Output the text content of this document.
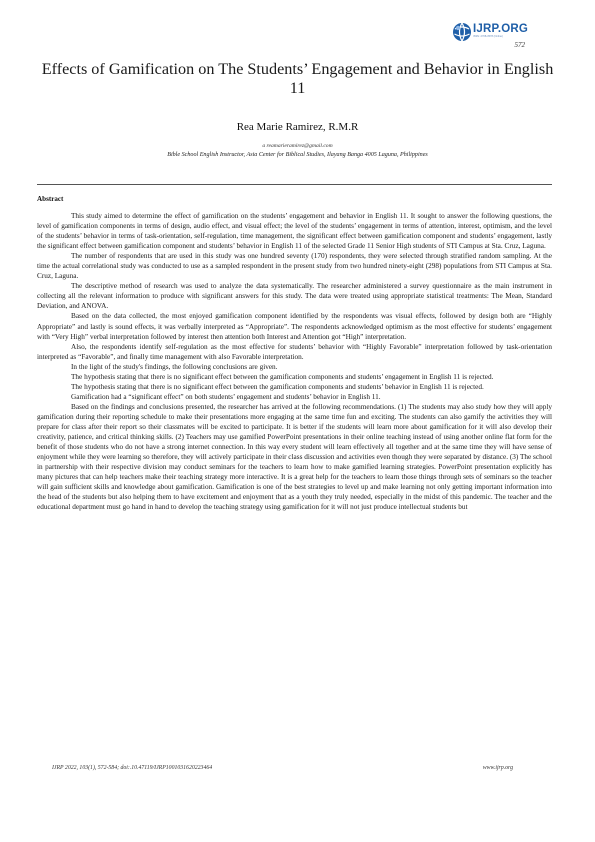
IJRP.ORG
ISSN: 2708-3578 (Online)
572
Effects of Gamification on The Students’ Engagement and Behavior in English 11
Rea Marie Ramirez, R.M.R
a reamarieramirez@gmail.com
Bible School English Instructor, Asia Center for Biblical Studies, Ilayang Banga 4005 Laguna, Philippines
Abstract

This study aimed to determine the effect of gamification on the students’ engagement and behavior in English 11. It sought to answer the following questions, the level of gamification components in terms of design, audio effect, and visual effect; the level of the students’ engagement in terms of attention, interest, optimism, and the level of the students’ behavior in terms of task-orientation, self-regulation, time management, the significant effect between gamification component and students’ engagement, lastly the significant effect between gamification component and students’ behavior in English 11 of the selected Grade 11 Senior High students of STI Campus at Sta. Cruz, Laguna.

The number of respondents that are used in this study was one hundred seventy (170) respondents, they were selected through stratified random sampling. At the time the actual correlational study was conducted to use as a sampled respondent in the present study from two hundred ninety-eight (298) populations from STI Campus at Sta. Cruz, Laguna.

The descriptive method of research was used to analyze the data systematically. The researcher administered a survey questionnaire as the main instrument in collecting all the relevant information to produce with significant answers for this study. The data were treated using appropriate statistical treatments: The Mean, Standard Deviation, and ANOVA.

Based on the data collected, the most enjoyed gamification component identified by the respondents was visual effects, followed by design both are “Highly Appropriate” and lastly is sound effects, it was verbally interpreted as “Appropriate”. The respondents acknowledged optimism as the most effective for students’ engagement with “Very High” verbal interpretation followed by interest then attention both Interest and Attention got “High” interpretation.

Also, the respondents identify self-regulation as the most effective for students’ behavior with “Highly Favorable” interpretation followed by task-orientation interpreted as “Favorable”, and finally time management with also Favorable interpretation.

In the light of the study's findings, the following conclusions are given.

The hypothesis stating that there is no significant effect between the gamification components and students’ engagement in English 11 is rejected.

The hypothesis stating that there is no significant effect between the gamification components and students’ behavior in English 11 is rejected.

Gamification had a “significant effect” on both students’ engagement and students’ behavior in English 11.

Based on the findings and conclusions presented, the researcher has arrived at the following recommendations. (1) The students may also study how they will apply gamification during their reporting schedule to make their presentations more engaging at the same time fun and exciting. The students can also gamify the activities they will prepare for class after their report so their classmates will be excited to participate. It is better if the students will learn more about gamification for it will also develop their creativity, patience, and critical thinking skills. (2) Teachers may use gamified PowerPoint presentations in their online teaching instead of using another online flat form for the benefit of those students who do not have a strong internet connection. In this way every student will learn effectively all together and at the same time they will have sense of enjoyment while they were learning so therefore, they will actively participate in their class discussion and activities even though they were separated by distance. (3) The school in partnership with their respective division may conduct seminars for the teachers to learn how to make gamified learning strategies. PowerPoint presentation explicitly has many pictures that can help teachers make their teaching strategy more interactive. It is a great help for the teachers to learn those things through sets of seminars so the teacher will gain sufficient skills and knowledge about gamification. Gamification is one of the best strategies to level up and make learning not only getting important information into the head of the students but also helping them to have excitement and enjoyment that as a youth they truly needed, especially in the midst of this pandemic. The teacher and the educational department must go hand in hand to develop the teaching strategy using gamification for it will not just produce intellectual students but

IJRP 2022, 103(1), 572-584; doi:.10.47119/IJRP1001031620223464	www.ijrp.org
